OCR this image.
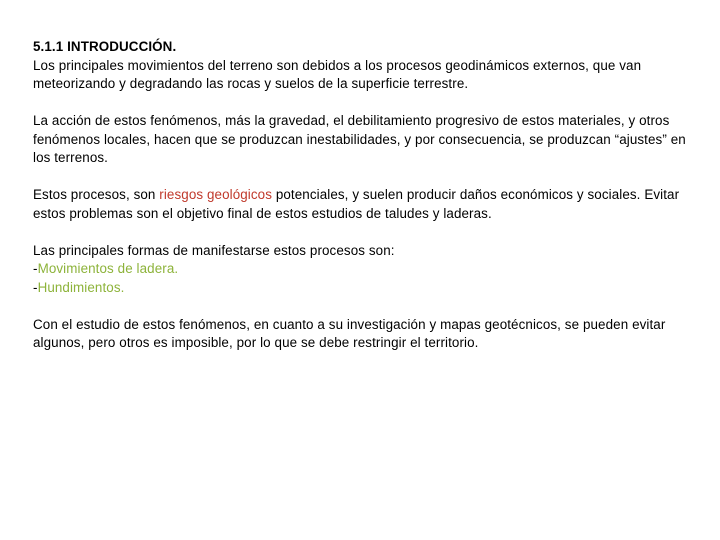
5.1.1 INTRODUCCIÓN.
Los principales movimientos del terreno son debidos a los procesos geodinámicos externos, que van meteorizando y degradando las rocas y suelos de la superficie terrestre.

La acción de estos fenómenos, más la gravedad, el debilitamiento progresivo de estos materiales, y otros fenómenos locales, hacen que se produzcan inestabilidades, y por consecuencia, se produzcan “ajustes” en los terrenos.

Estos procesos, son riesgos geológicos potenciales, y suelen producir daños económicos y sociales. Evitar estos problemas son el objetivo final de estos estudios de taludes y laderas.

Las principales formas de manifestarse estos procesos son:
-Movimientos de ladera.
-Hundimientos.

Con el estudio de estos fenómenos, en cuanto a su investigación y mapas geotécnicos, se pueden evitar algunos, pero otros es imposible, por lo que se debe restringir el territorio.
